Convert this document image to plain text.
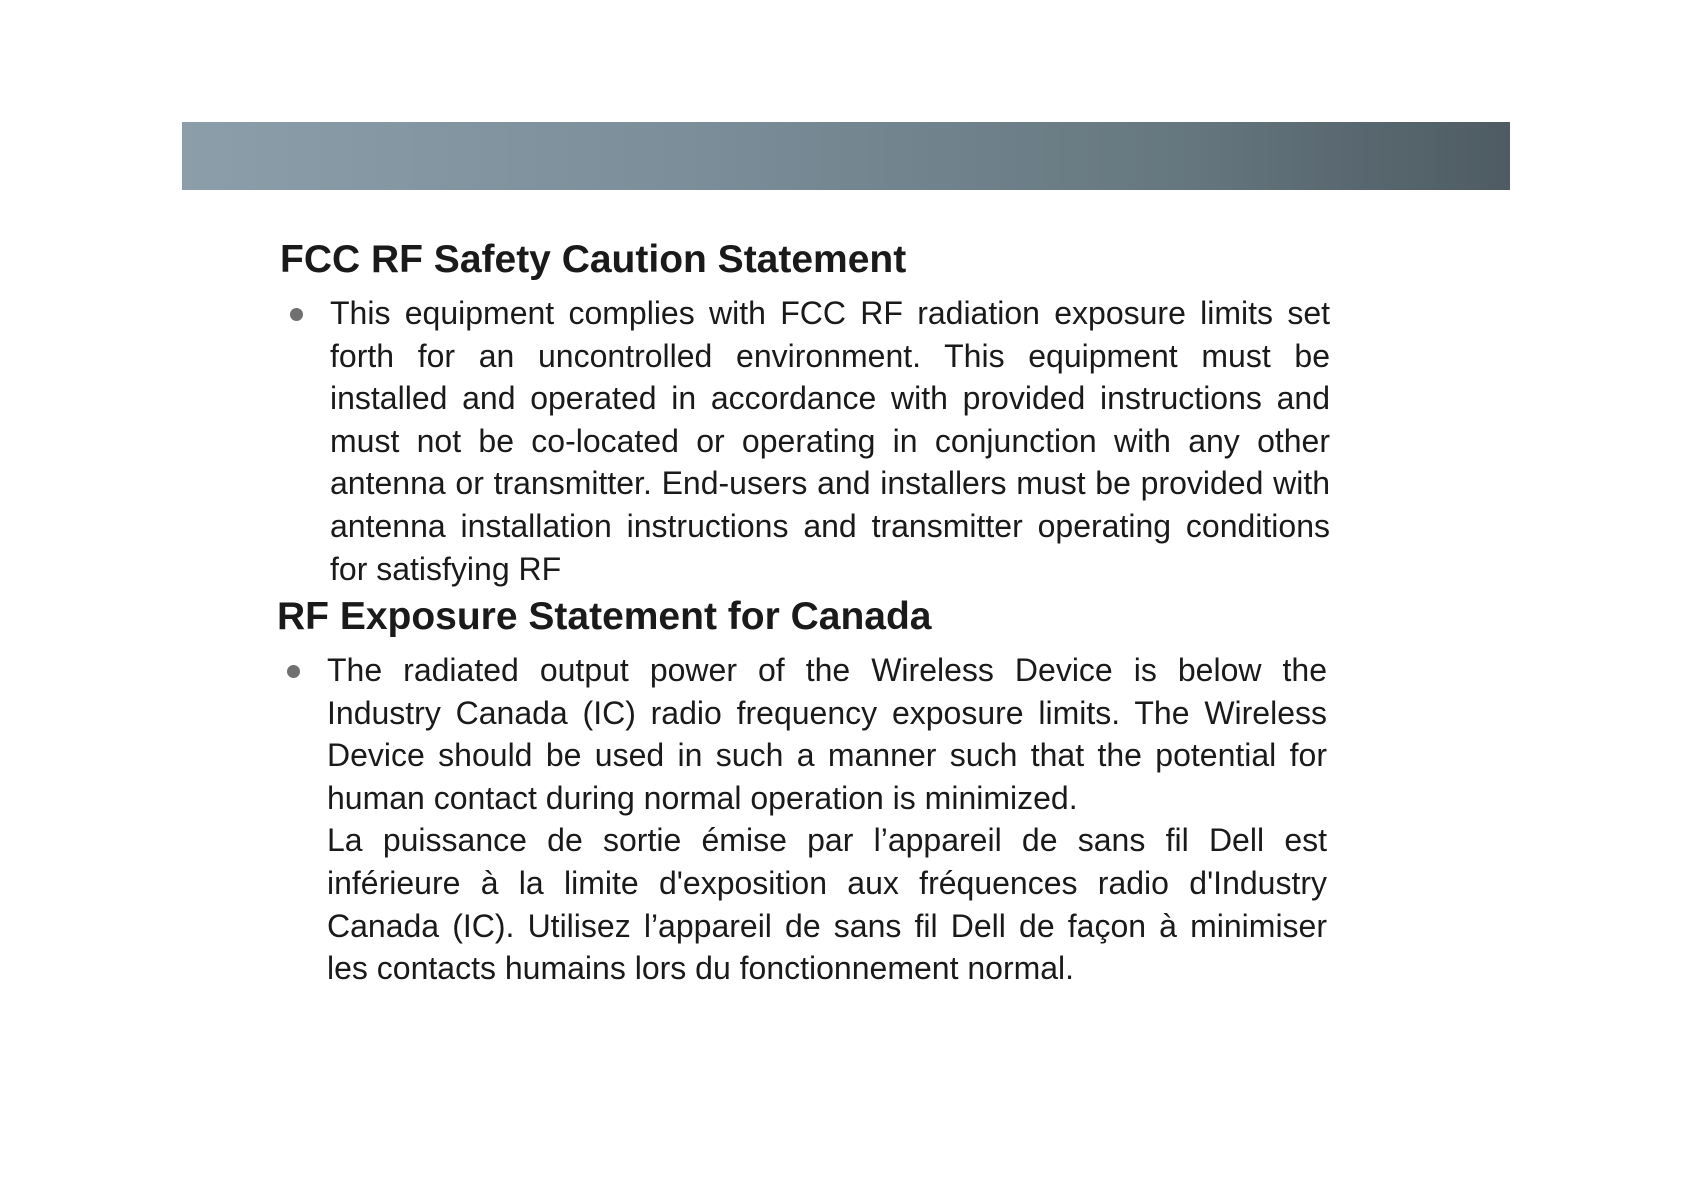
FCC RF Safety Caution Statement

This equipment complies with FCC RF radiation exposure limits set forth for an uncontrolled environment. This equipment must be installed and operated in accordance with provided instructions and must not be co-located or operating in conjunction with any other antenna or transmitter. End-users and installers must be provided with antenna installation instructions and transmitter operating conditions for satisfying RF

RF Exposure Statement for Canada

The radiated output power of the Wireless Device is below the Industry Canada (IC) radio frequency exposure limits. The Wireless Device should be used in such a manner such that the potential for human contact during normal operation is minimized.

La puissance de sortie émise par l’appareil de sans fil Dell est inférieure à la limite d'exposition aux fréquences radio d'Industry Canada (IC). Utilisez l’appareil de sans fil Dell de façon à minimiser les contacts humains lors du fonctionnement normal.
